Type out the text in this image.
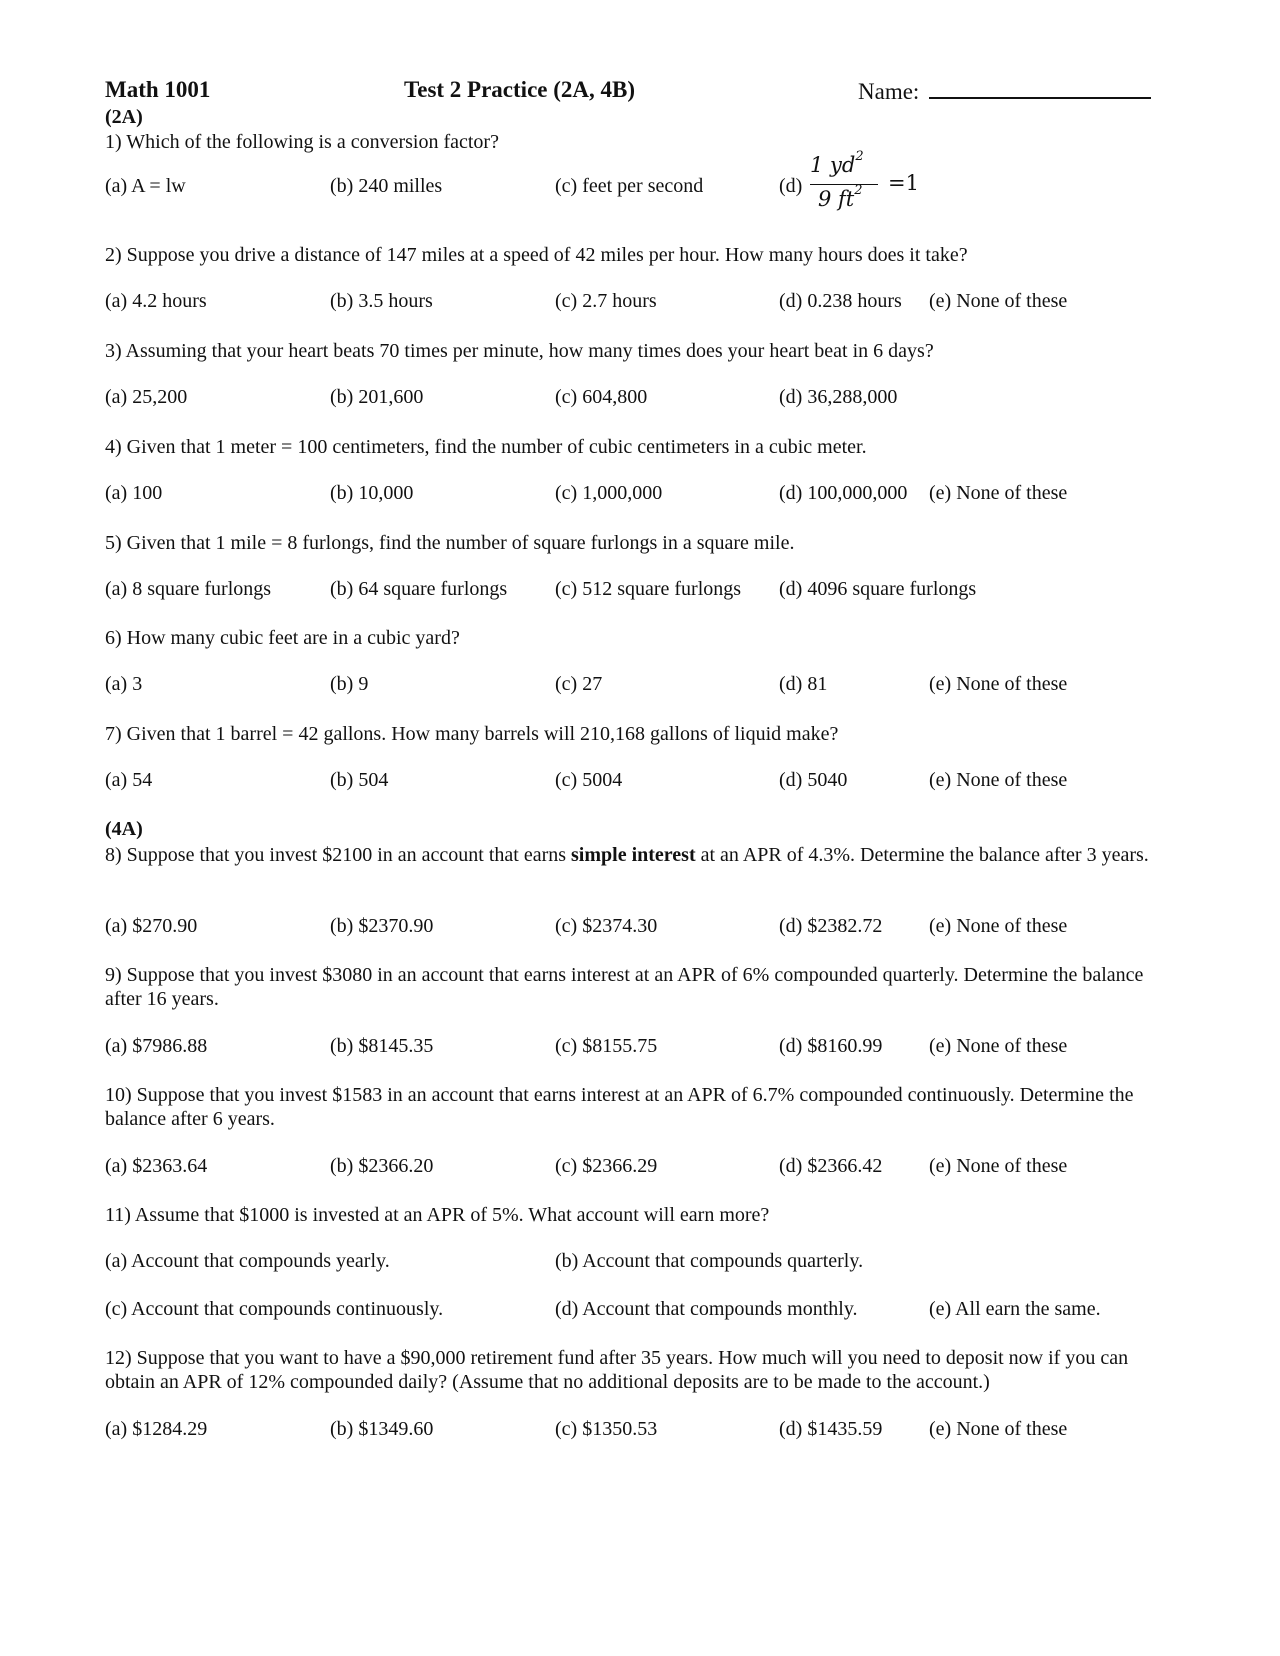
Math 1001	Test 2 Practice (2A, 4B)	Name:
(2A)
1) Which of the following is a conversion factor?
(a) A = lw	(b) 240 milles	(c) feet per second	(d)
1 $yd^2$
9 $ft^2 =1$
2) Suppose you drive a distance of 147 miles at a speed of 42 miles per hour. How many hours does it take?
(a) 4.2 hours	(b) 3.5 hours	(c) 2.7 hours	(d) 0.238 hours (e) None of these
3) Assuming that your heart beats 70 times per minute, how many times does your heart beat in 6 days?
(a) 25,200	(b) 201,600	(c) 604,800	(d) 36,288,000
4) Given that 1 meter = 100 centimeters, find the number of cubic centimeters in a cubic meter.
(a) 100	(b) 10,000	(c) 1,000,000	(d) 100,000,000 (e) None of these
5) Given that 1 mile = 8 furlongs, find the number of square furlongs in a square mile.
(a) 8 square furlongs	(b) 64 square furlongs (c) 512 square furlongs (d) 4096 square furlongs
6) How many cubic feet are in a cubic yard?
(a) 3	(b) 9	(c) 27	(d) 81	(e) None of these
7) Given that 1 barrel = 42 gallons. How many barrels will 210,168 gallons of liquid make?
(a) 54	(b) 504	(c) 5004	(d) 5040	(e) None of these
(4A)
8) Suppose that you invest $2100 in an account that earns simple interest at an APR of 4.3%. Determine the balance after 3 years.
(a) $270.90	(b) $2370.90	(c) $2374.30	(d) $2382.72 (e) None of these
9) Suppose that you invest $3080 in an account that earns interest at an APR of 6% compounded quarterly. Determine the balance after 16 years.
(a) $7986.88	(b) $8145.35	(c) $8155.75	(d) $8160.99 (e) None of these
10) Suppose that you invest $1583 in an account that earns interest at an APR of 6.7% compounded continuously. Determine the balance after 6 years.
(a) $2363.64	(b) $2366.20	(c) $2366.29	(d) $2366.42 (e) None of these
11) Assume that $1000 is invested at an APR of 5%. What account will earn more?
(a) Account that compounds yearly.	(b) Account that compounds quarterly.
(c) Account that compounds continuously.	(d) Account that compounds monthly.	(e) All earn the same.
12) Suppose that you want to have a $90,000 retirement fund after 35 years. How much will you need to deposit now if you can obtain an APR of 12% compounded daily? (Assume that no additional deposits are to be made to the account.)
(a) $1284.29	(b) $1349.60	(c) $1350.53	(d) $1435.59 (e) None of these
